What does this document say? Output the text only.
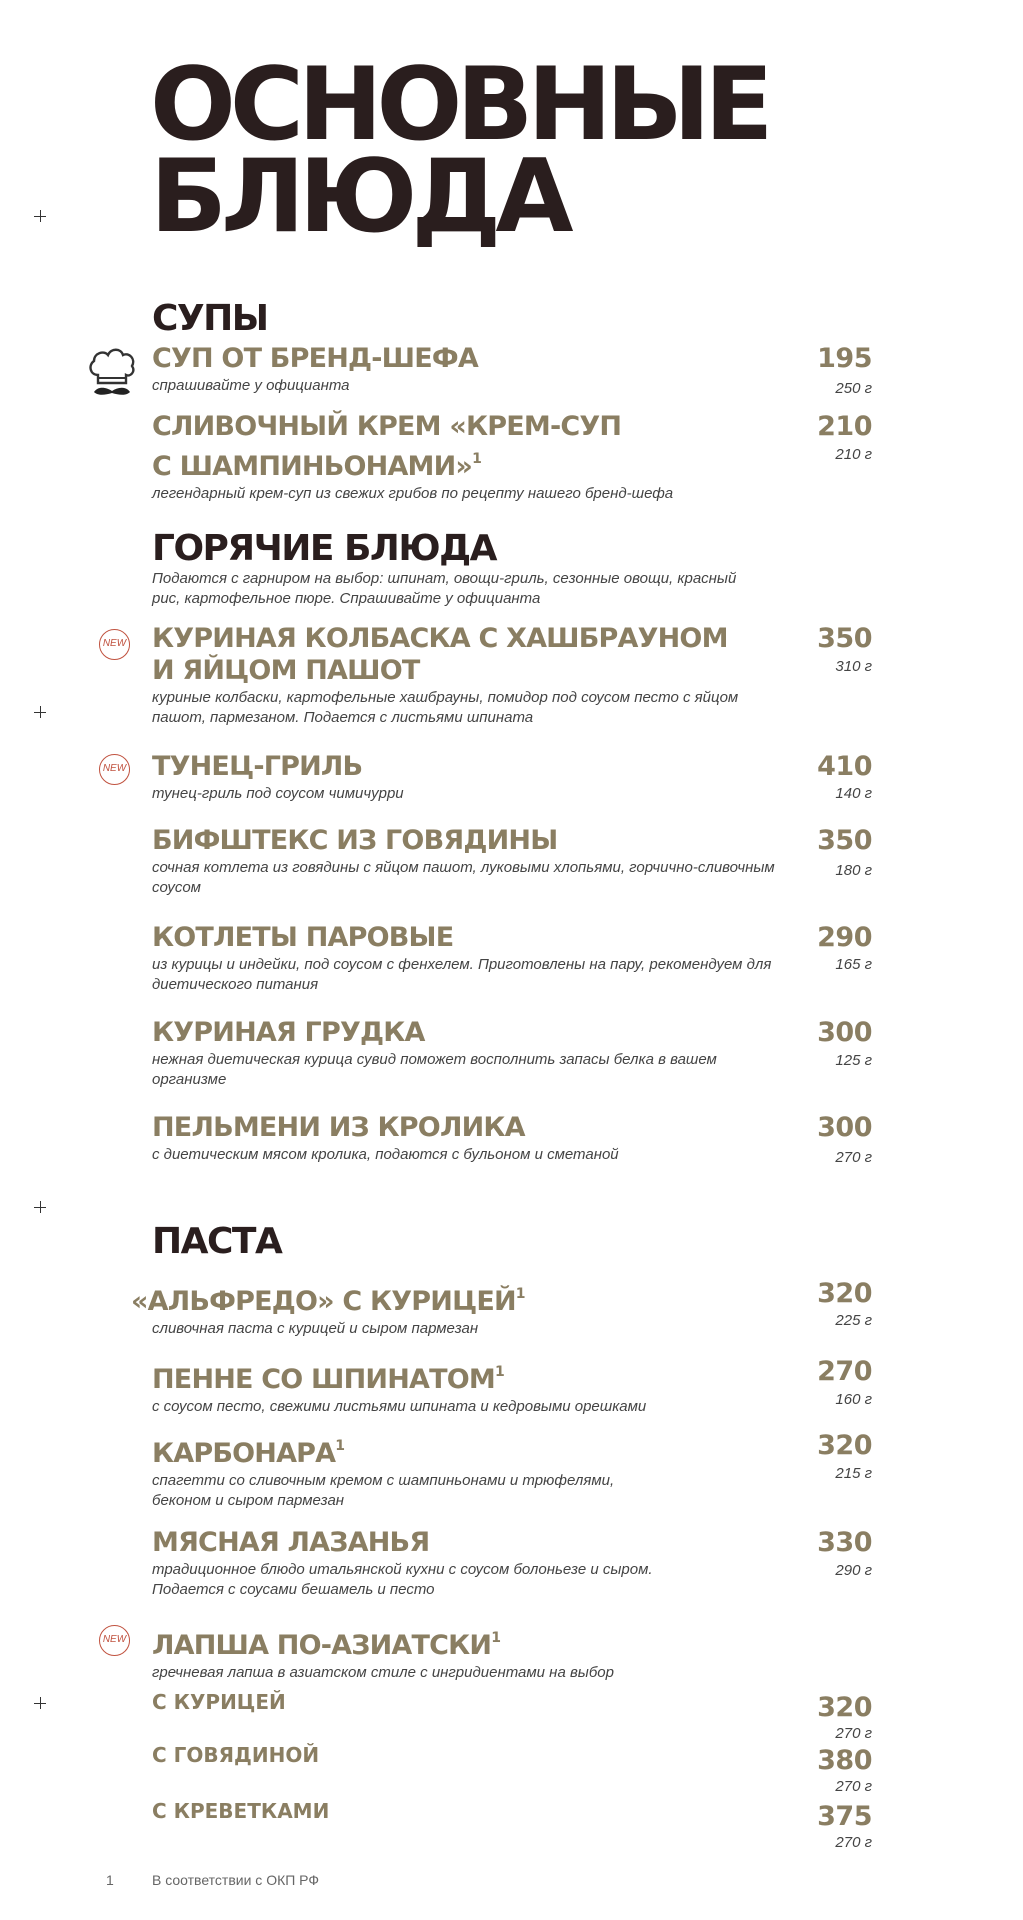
ОСНОВНЫЕ
БЛЮДА
СУПЫ
СУП ОТ БРЕНД-ШЕФА
спрашивайте у официанта
195
250 г
СЛИВОЧНЫЙ КРЕМ «КРЕМ-СУП
С ШАМПИНЬОНАМИ»$^1$
легендарный крем-суп из свежих грибов по рецепту нашего бренд-шефа
210
210 г
ГОРЯЧИЕ БЛЮДА
Подаются с гарниром на выбор: шпинат, овощи-гриль, сезонные овощи, красный рис, картофельное пюре. Спрашивайте у официанта
NEW КУРИНАЯ КОЛБАСКА С ХАШБРАУНОМ
И ЯЙЦОМ ПАШОТ
куриные колбаски, картофельные хашбрауны, помидор под соусом песто с яйцом пашот, пармезаном. Подается с листьями шпината
350
310 г
NEW ТУНЕЦ-ГРИЛЬ
тунец-гриль под соусом чимичурри
410
140 г
БИФШТЕКС ИЗ ГОВЯДИНЫ
сочная котлета из говядины с яйцом пашот, луковыми хлопьями, горчично-сливочным соусом
350
180 г
КОТЛЕТЫ ПАРОВЫЕ
из курицы и индейки, под соусом с фенхелем. Приготовлены на пару, рекомендуем для диетического питания
290
165 г
КУРИНАЯ ГРУДКА
нежная диетическая курица сувид поможет восполнить запасы белка в вашем организме
300
125 г
ПЕЛЬМЕНИ ИЗ КРОЛИКА
с диетическим мясом кролика, подаются с бульоном и сметаной
300
270 г
ПАСТА
«АЛЬФРЕДО» С КУРИЦЕЙ$^1$
сливочная паста с курицей и сыром пармезан
320
225 г
ПЕННЕ СО ШПИНАТОМ$^1$
с соусом песто, свежими листьями шпината и кедровыми орешками
270
160 г
КАРБОНАРА$^1$
спагетти со сливочным кремом с шампиньонами и трюфелями, беконом и сыром пармезан
320
215 г
МЯСНАЯ ЛАЗАНЬЯ
традиционное блюдо итальянской кухни с соусом болоньезе и сыром. Подается с соусами бешамель и песто
330
290 г
NEW ЛАПША ПО-АЗИАТСКИ$^1$
гречневая лапша в азиатском стиле с ингридиентами на выбор
С КУРИЦЕЙ	320
270 г
С ГОВЯДИНОЙ	380
270 г
С КРЕВЕТКАМИ	375
270 г
1	В соответствии с ОКП РФ
